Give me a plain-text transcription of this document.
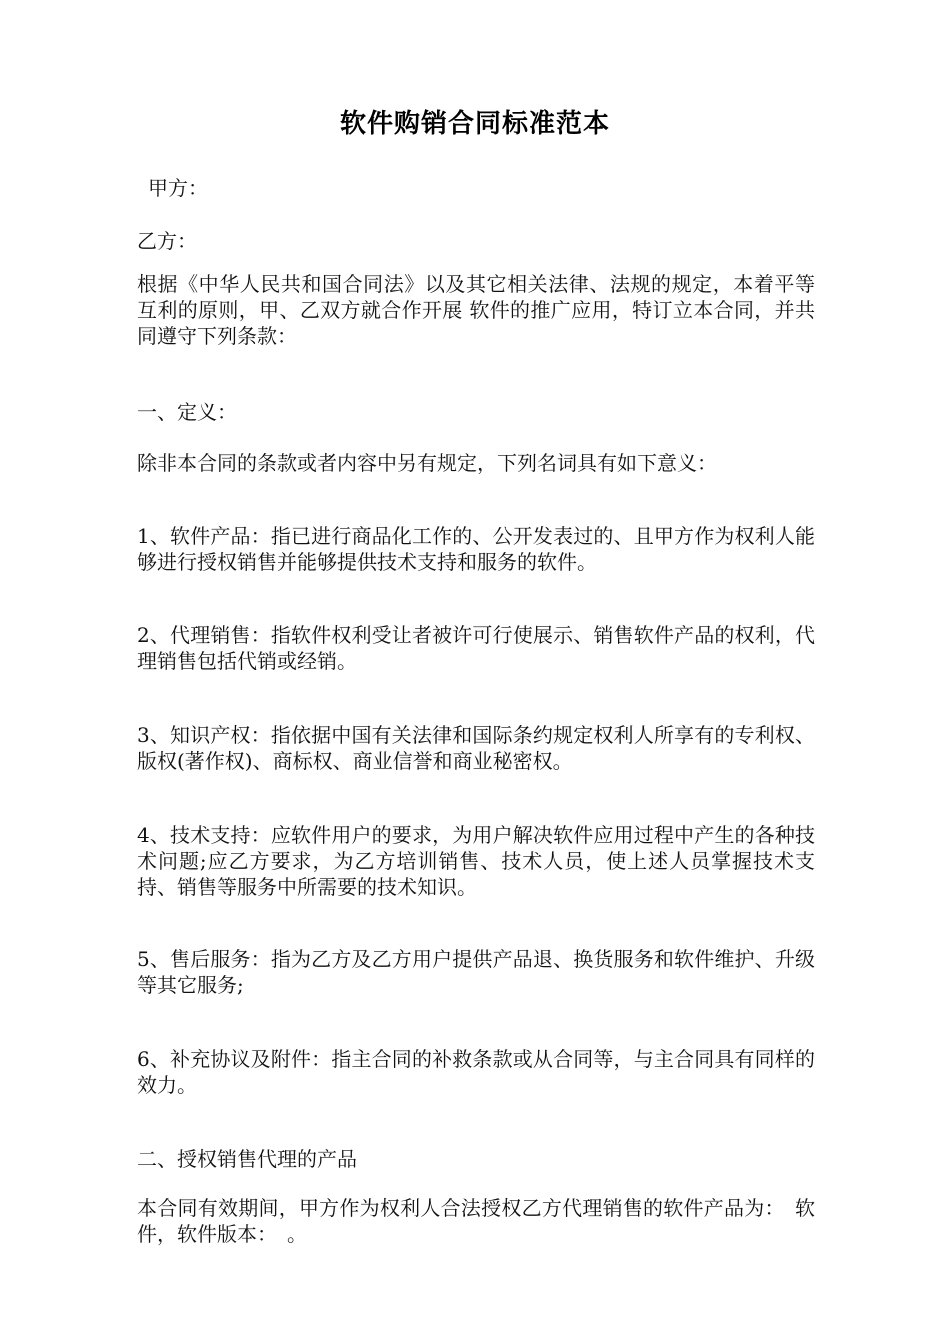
软件购销合同标准范本

甲方：

乙方：

根据《中华人民共和国合同法》以及其它相关法律、法规的规定，本着平等互利的原则，甲、乙双方就合作开展 软件的推广应用，特订立本合同，并共同遵守下列条款：

一、定义：

除非本合同的条款或者内容中另有规定，下列名词具有如下意义：

1、软件产品：指已进行商品化工作的、公开发表过的、且甲方作为权利人能够进行授权销售并能够提供技术支持和服务的软件。

2、代理销售：指软件权利受让者被许可行使展示、销售软件产品的权利，代理销售包括代销或经销。

3、知识产权：指依据中国有关法律和国际条约规定权利人所享有的专利权、版权(著作权)、商标权、商业信誉和商业秘密权。

4、技术支持：应软件用户的要求，为用户解决软件应用过程中产生的各种技术问题;应乙方要求，为乙方培训销售、技术人员，使上述人员掌握技术支持、销售等服务中所需要的技术知识。

5、售后服务：指为乙方及乙方用户提供产品退、换货服务和软件维护、升级等其它服务;

6、补充协议及附件：指主合同的补救条款或从合同等，与主合同具有同样的效力。

二、授权销售代理的产品

本合同有效期间，甲方作为权利人合法授权乙方代理销售的软件产品为：　软件，软件版本：　。
